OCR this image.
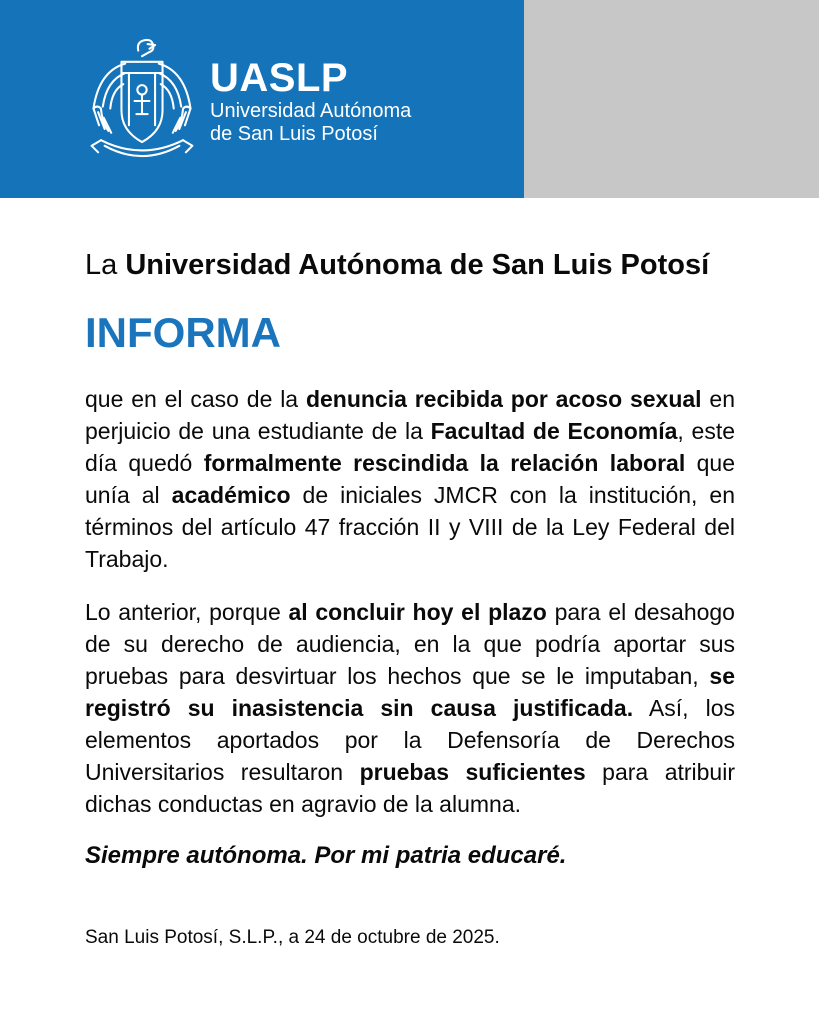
UASLP
Universidad Autónoma
de San Luis Potosí
La Universidad Autónoma de San Luis Potosí
INFORMA
que en el caso de la denuncia recibida por acoso sexual en perjuicio de una estudiante de la Facultad de Economía, este día quedó formalmente rescindida la relación laboral que unía al académico de iniciales JMCR con la institución, en términos del artículo 47 fracción II y VIII de la Ley Federal del Trabajo.
Lo anterior, porque al concluir hoy el plazo para el desahogo de su derecho de audiencia, en la que podría aportar sus pruebas para desvirtuar los hechos que se le imputaban, se registró su inasistencia sin causa justificada. Así, los elementos aportados por la Defensoría de Derechos Universitarios resultaron pruebas suficientes para atribuir dichas conductas en agravio de la alumna.
Siempre autónoma. Por mi patria educaré.
San Luis Potosí, S.L.P., a 24 de octubre de 2025.
